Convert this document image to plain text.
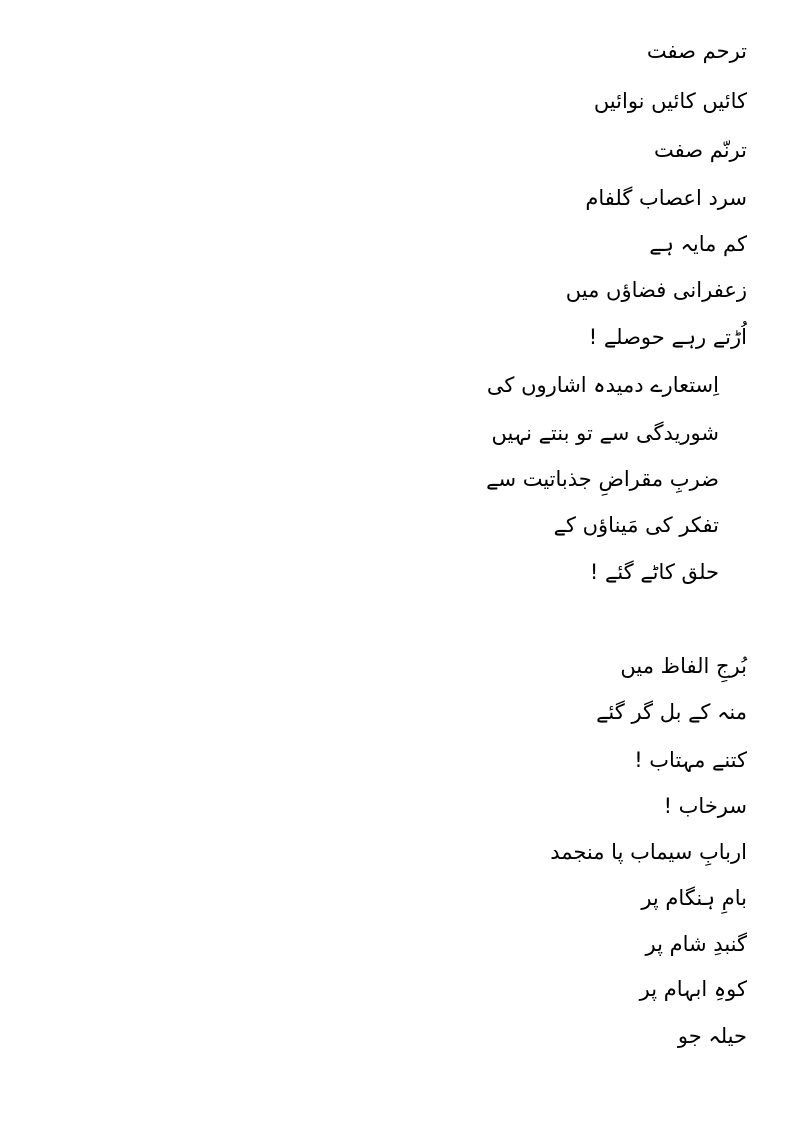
ترحم صفت
کائیں کائیں نوائیں
ترنّم صفت
سرد اعصاب گلفام
کم مایہ ہے
زعفرانی فضاؤں میں
اُڑتے رہے حوصلے !
اِستعارے دمیدہ اشاروں کی
شوریدگی سے تو بنتے نہیں
ضربِ مقراضِ جذباتیت سے
تفکر کی مَیناؤں کے
حلق کاٹے گئے !
بُرجِ الفاظ میں
منہ کے بل گر گئے
کتنے مہتاب !
سرخاب !
اربابِ سیماب پا منجمد
بامِ ہنگام پر
گنبدِ شام پر
کوہِ ابہام پر
حیلہ جو
